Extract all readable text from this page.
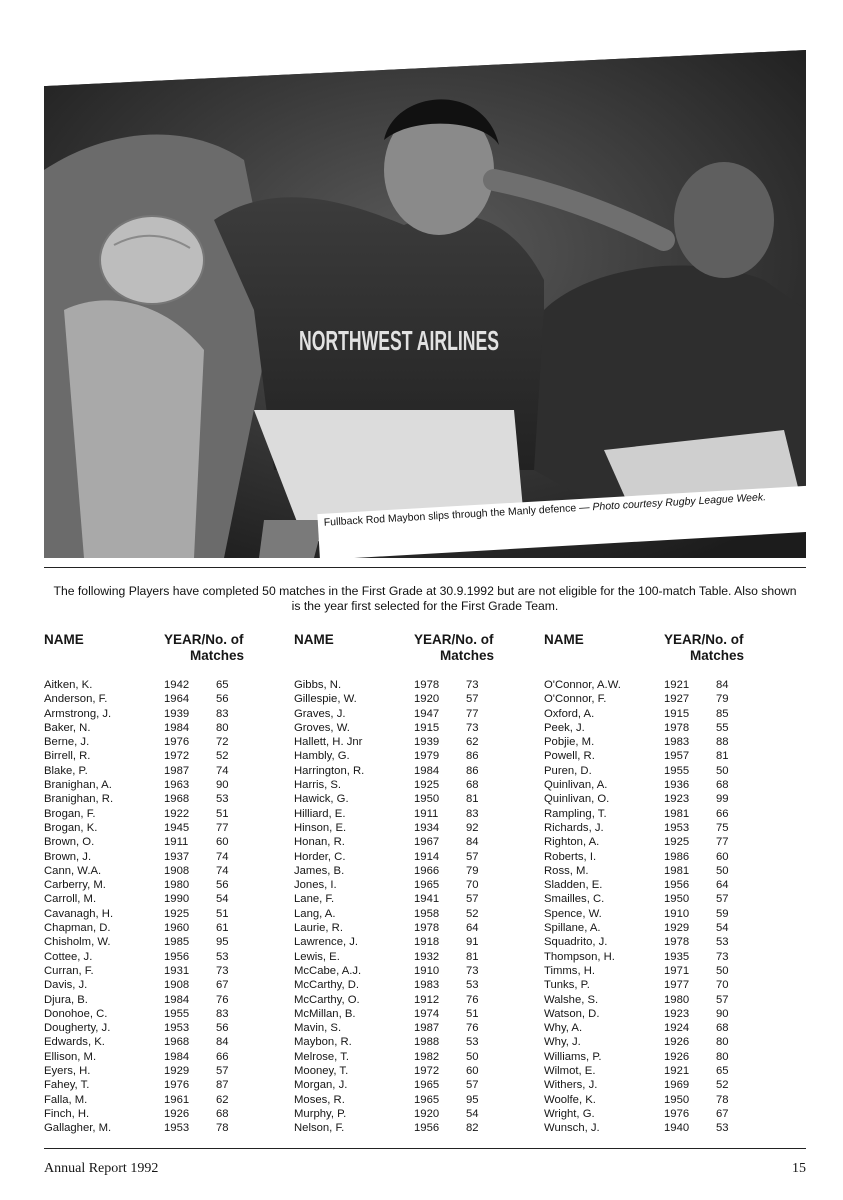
NORTHWEST AIRLINES
Fullback Rod Maybon slips through the Manly defence — Photo courtesy Rugby League Week.
The following Players have completed 50 matches in the First Grade at 30.9.1992 but are not eligible for the 100-match Table. Also shown is the year first selected for the First Grade Team.
NAME	YEAR/No. of
Matches
Aitken, K.	1942 65
Anderson, F.	1964 56
Armstrong, J.	1939 83
Baker, N.	1984 80
Berne, J.	1976 72
Birrell, R.	1972 52
Blake, P.	1987 74
Branighan, A.	1963 90
Branighan, R.	1968 53
Brogan, F.	1922 51
Brogan, K.	1945 77
Brown, O.	1911 60
Brown, J.	1937 74
Cann, W.A.	1908 74
Carberry, M.	1980 56
Carroll, M.	1990 54
Cavanagh, H.	1925 51
Chapman, D.	1960 61
Chisholm, W.	1985 95
Cottee, J.	1956 53
Curran, F.	1931 73
Davis, J.	1908 67
Djura, B.	1984 76
Donohoe, C.	1955 83
Dougherty, J.	1953 56
Edwards, K.	1968 84
Ellison, M.	1984 66
Eyers, H.	1929 57
Fahey, T.	1976 87
Falla, M.	1961 62
Finch, H.	1926 68
Gallagher, M.	1953 78
NAME	YEAR/No. of
Matches
Gibbs, N.	1978 73
Gillespie, W.	1920 57
Graves, J.	1947 77
Groves, W.	1915 73
Hallett, H. Jnr	1939 62
Hambly, G.	1979 86
Harrington, R.	1984 86
Harris, S.	1925 68
Hawick, G.	1950 81
Hilliard, E.	1911 83
Hinson, E.	1934 92
Honan, R.	1967 84
Horder, C.	1914 57
James, B.	1966 79
Jones, I.	1965 70
Lane, F.	1941 57
Lang, A.	1958 52
Laurie, R.	1978 64
Lawrence, J.	1918 91
Lewis, E.	1932 81
McCabe, A.J.	1910 73
McCarthy, D.	1983 53
McCarthy, O.	1912 76
McMillan, B.	1974 51
Mavin, S.	1987 76
Maybon, R.	1988 53
Melrose, T.	1982 50
Mooney, T.	1972 60
Morgan, J.	1965 57
Moses, R.	1965 95
Murphy, P.	1920 54
Nelson, F.	1956 82
NAME	YEAR/No. of
Matches
O'Connor, A.W.	1921 84
O'Connor, F.	1927 79
Oxford, A.	1915 85
Peek, J.	1978 55
Pobjie, M.	1983 88
Powell, R.	1957 81
Puren, D.	1955 50
Quinlivan, A.	1936 68
Quinlivan, O.	1923 99
Rampling, T.	1981 66
Richards, J.	1953 75
Righton, A.	1925 77
Roberts, I.	1986 60
Ross, M.	1981 50
Sladden, E.	1956 64
Smailles, C.	1950 57
Spence, W.	1910 59
Spillane, A.	1929 54
Squadrito, J.	1978 53
Thompson, H.	1935 73
Timms, H.	1971 50
Tunks, P.	1977 70
Walshe, S.	1980 57
Watson, D.	1923 90
Why, A.	1924 68
Why, J.	1926 80
Williams, P.	1926 80
Wilmot, E.	1921 65
Withers, J.	1969 52
Woolfe, K.	1950 78
Wright, G.	1976 67
Wunsch, J.	1940 53
Annual Report 1992	15
